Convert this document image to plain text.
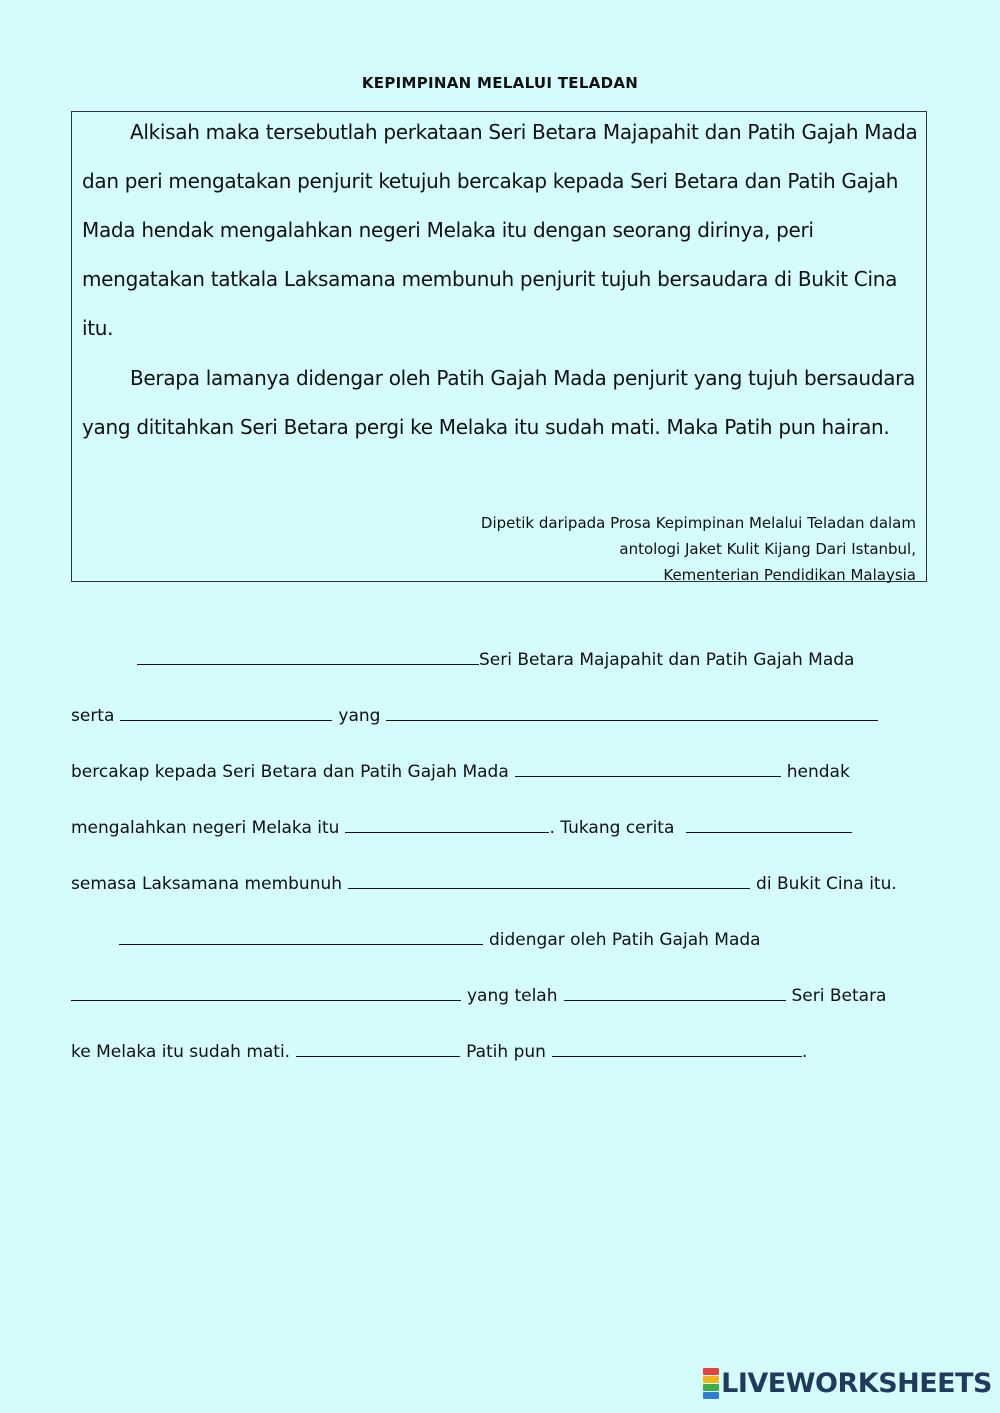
KEPIMPINAN MELALUI TELADAN

Alkisah maka tersebutlah perkataan Seri Betara Majapahit dan Patih Gajah Mada dan peri mengatakan penjurit ketujuh bercakap kepada Seri Betara dan Patih Gajah Mada hendak mengalahkan negeri Melaka itu dengan seorang dirinya, peri mengatakan tatkala Laksamana membunuh penjurit tujuh bersaudara di Bukit Cina itu.

Berapa lamanya didengar oleh Patih Gajah Mada penjurit yang tujuh bersaudara yang dititahkan Seri Betara pergi ke Melaka itu sudah mati. Maka Patih pun hairan.

Dipetik daripada Prosa Kepimpinan Melalui Teladan dalam
antologi Jaket Kulit Kijang Dari Istanbul,
Kementerian Pendidikan Malaysia
Seri Betara Majapahit dan Patih Gajah Mada
serta	yang
bercakap kepada Seri Betara dan Patih Gajah Mada	hendak
mengalahkan negeri Melaka itu	. Tukang cerita
semasa Laksamana membunuh	di Bukit Cina itu.
didengar oleh Patih Gajah Mada
yang telah	Seri Betara
ke Melaka itu sudah mati.	Patih pun	.
LIVEWORKSHEETS
